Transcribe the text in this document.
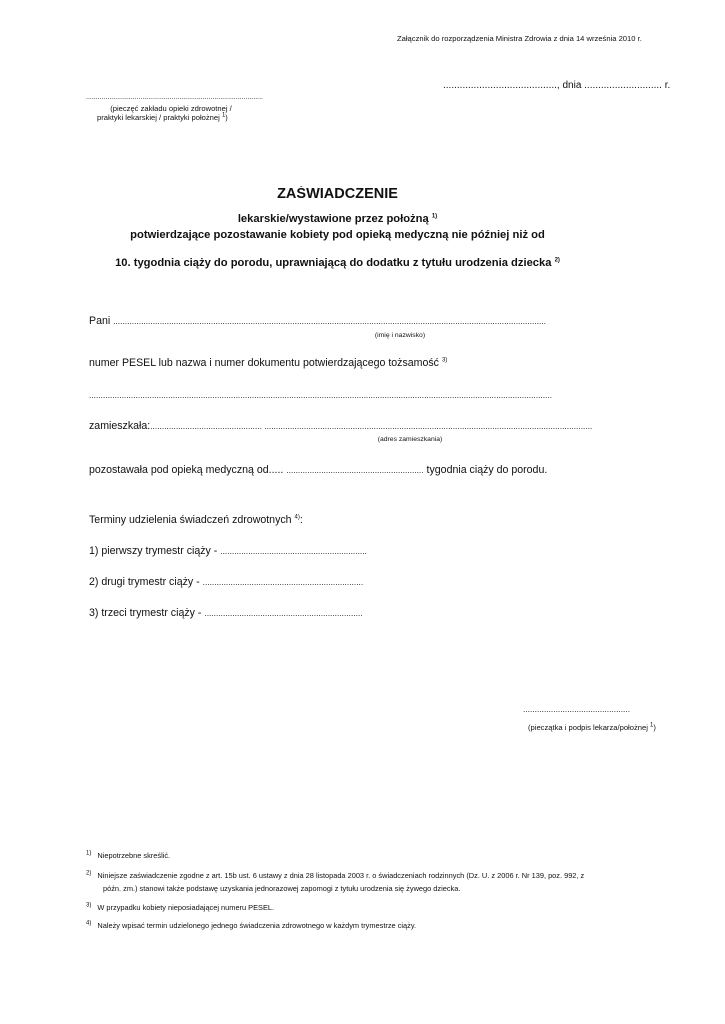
Załącznik do rozporządzenia Ministra Zdrowia z dnia 14 września 2010 r.
........................................., dnia ............................ r.
...........................................................................................
(pieczęć zakładu opieki zdrowotnej /
praktyki lekarskiej / praktyki położnej $^1$)
ZAŚWIADCZENIE
lekarskie/wystawione przez położną $^{1)}$
potwierdzające pozostawanie kobiety pod opieką medyczną nie później niż od
10. tygodnia ciąży do porodu, uprawniającą do dodatku z tytułu urodzenia dziecka $^{2)}$
Pani ..........................................................................................................................................................................................
(imię i nazwisko)
numer PESEL lub nazwa i numer dokumentu potwierdzającego tożsamość $^{3)}$
.......................................................................................................................................................................................................
zamieszkała:................................................ .............................................................................................................................................
(adres zamieszkania)
pozostawała pod opieką medyczną od..... ........................................................... tygodnia ciąży do porodu.
Terminy udzielenia świadczeń zdrowotnych $^{4)}$:
1) pierwszy trymestr ciąży - ...............................................................
2) drugi trymestr ciąży - .....................................................................
3) trzeci trymestr ciąży - ....................................................................
..............................................
(pieczątka i podpis lekarza/położnej $^1$)
$^{1)}$ Niepotrzebne skreślić.
$^{2)}$ Niniejsze zaświadczenie zgodne z art. 15b ust. 6 ustawy z dnia 28 listopada 2003 r. o świadczeniach rodzinnych (Dz. U. z 2006 r. Nr 139, poz. 992, z
późn. zm.) stanowi także podstawę uzyskania jednorazowej zapomogi z tytułu urodzenia się żywego dziecka.
$^{3)}$ W przypadku kobiety nieposiadającej numeru PESEL.
$^{4)}$ Należy wpisać termin udzielonego jednego świadczenia zdrowotnego w każdym trymestrze ciąży.
